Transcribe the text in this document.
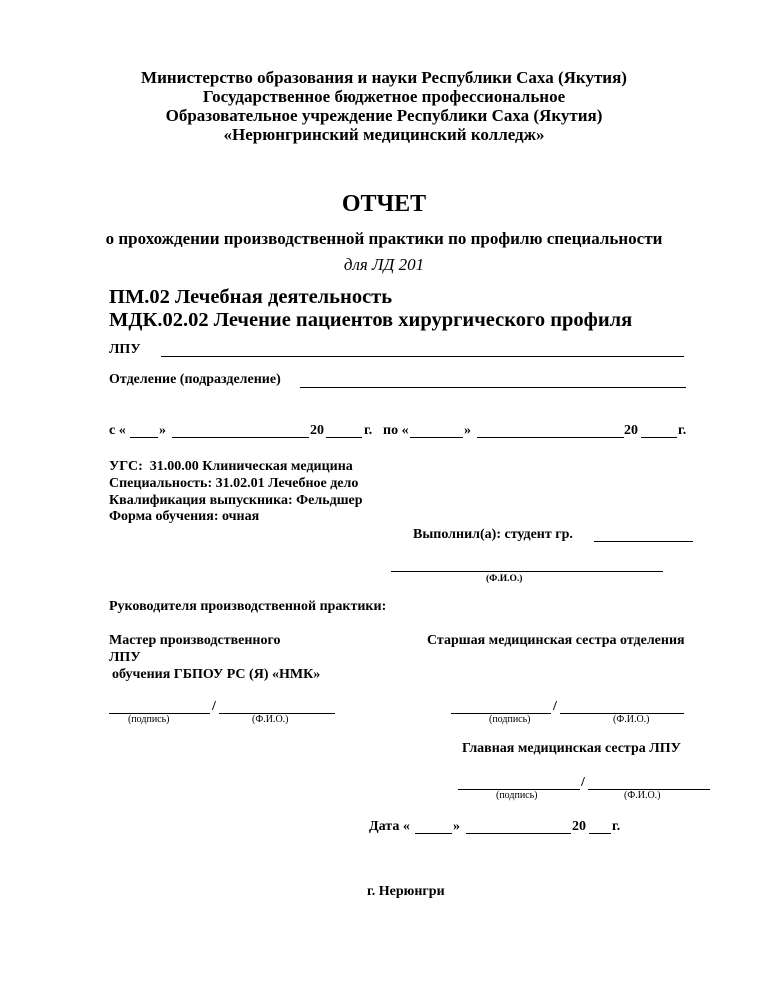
Министерство образования и науки Республики Саха (Якутия)
Государственное бюджетное профессиональное
Образовательное учреждение Республики Саха (Якутия)
«Нерюнгринский медицинский колледж»
ОТЧЕТ
о прохождении производственной практики по профилю специальности
для ЛД 201
ПМ.02 Лечебная деятельность
МДК.02.02 Лечение пациентов хирургического профиля
ЛПУ
Отделение (подразделение)
с « »	20	г. по «	»	20	г.
УГС:  31.00.00 Клиническая медицина
Специальность: 31.02.01 Лечебное дело
Квалификация выпускника: Фельдшер
Форма обучения: очная
Выполнил(а): студент гр.
(Ф.И.О.)
Руководителя производственной практики:
Мастер производственного
ЛПУ
обучения ГБПОУ РС (Я) «НМК»
Старшая медицинская сестра отделения
/
(подпись)	(Ф.И.О.)
/
(подпись)	(Ф.И.О.)
Главная медицинская сестра ЛПУ
/
(подпись)	(Ф.И.О.)
Дата «	»	20 г.
г. Нерюнгри
